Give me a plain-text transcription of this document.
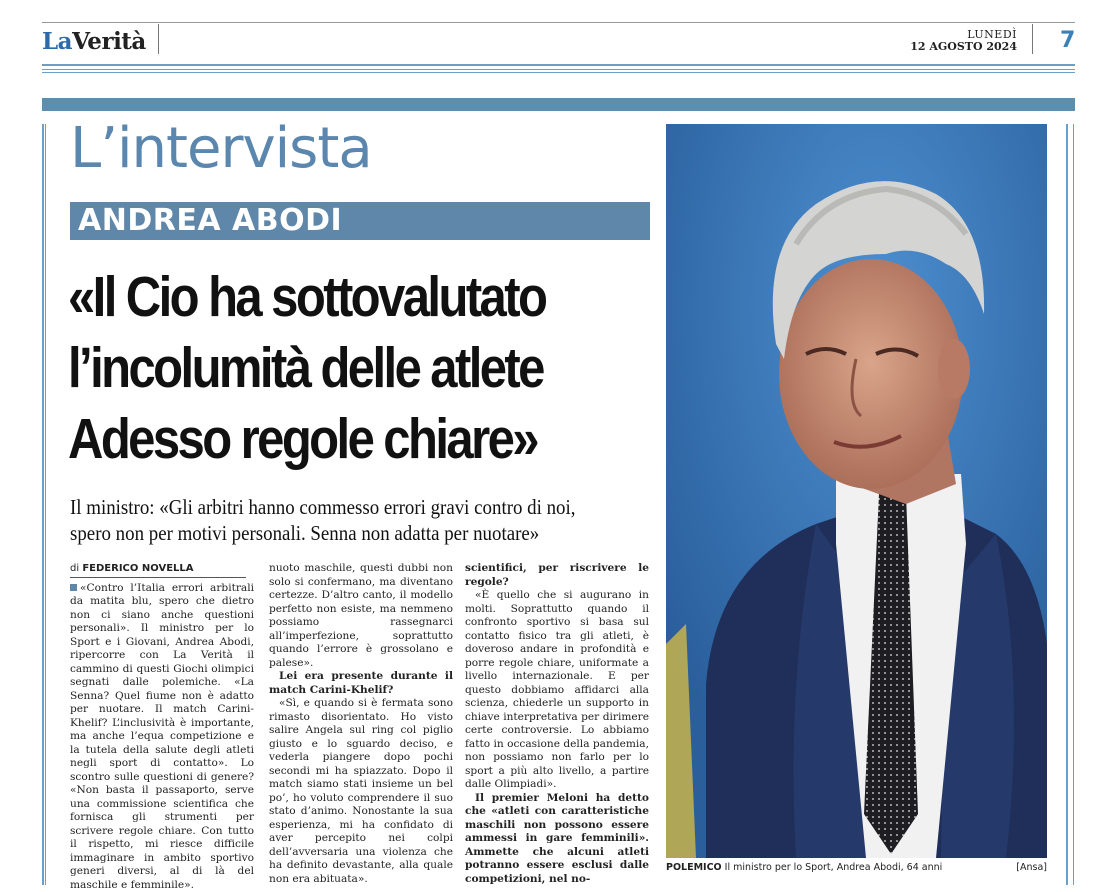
LaVerità	LUNEDÌ
12 AGOSTO 2024 7
L’intervista
ANDREA ABODI
«Il Cio ha sottovalutato
l’incolumità delle atlete
Adesso regole chiare»
Il ministro: «Gli arbitri hanno commesso errori gravi contro di noi,
spero non per motivi personali. Senna non adatta per nuotare»
di FEDERICO NOVELLA

«Contro l’Italia errori arbitrali da matita blu, spero che dietro non ci siano anche questioni personali». Il ministro per lo Sport e i Giovani, Andrea Abodi, ripercorre con La Verità il cammino di questi Giochi olimpici segnati dalle polemiche. «La Senna? Quel fiume non è adatto per nuotare. Il match Carini-Khelif? L’inclusività è importante, ma anche l’equa competizione e la tutela della salute degli atleti negli sport di contatto». Lo scontro sulle questioni di genere? «Non basta il passaporto, serve una commissione scientifica che fornisca gli strumenti per scrivere regole chiare. Con tutto il rispetto, mi riesce difficile immaginare in ambito sportivo generi diversi, al di là del maschile e femminile».

nuoto maschile, questi dubbi non solo si confermano, ma diventano certezze. D’altro canto, il modello perfetto non esiste, ma nemmeno possiamo rassegnarci all’imperfezione, soprattutto quando l’errore è grossolano e palese».

Lei era presente durante il match Carini-Khelif?

«Sì, e quando si è fermata sono rimasto disorientato. Ho visto salire Angela sul ring col piglio giusto e lo sguardo deciso, e vederla piangere dopo pochi secondi mi ha spiazzato. Dopo il match siamo stati insieme un bel po’, ho voluto comprendere il suo stato d’animo. Nonostante la sua esperienza, mi ha confidato di aver percepito nei colpi dell’avversaria una violenza che ha definito devastante, alla quale non era abituata».

scientifici, per riscrivere le regole?

«È quello che si augurano in molti. Soprattutto quando il confronto sportivo si basa sul contatto fisico tra gli atleti, è doveroso andare in profondità e porre regole chiare, uniformate a livello internazionale. E per questo dobbiamo affidarci alla scienza, chiederle un supporto in chiave interpretativa per dirimere certe controversie. Lo abbiamo fatto in occasione della pandemia, non possiamo non farlo per lo sport a più alto livello, a partire dalle Olimpiadi».

Il premier Meloni ha detto che «atleti con caratteristiche maschili non possono essere ammessi in gare femminili». Ammette che alcuni atleti potranno essere esclusi dalle competizioni, nel no-

POLEMICO Il ministro per lo Sport, Andrea Abodi, 64 anni	[Ansa]
